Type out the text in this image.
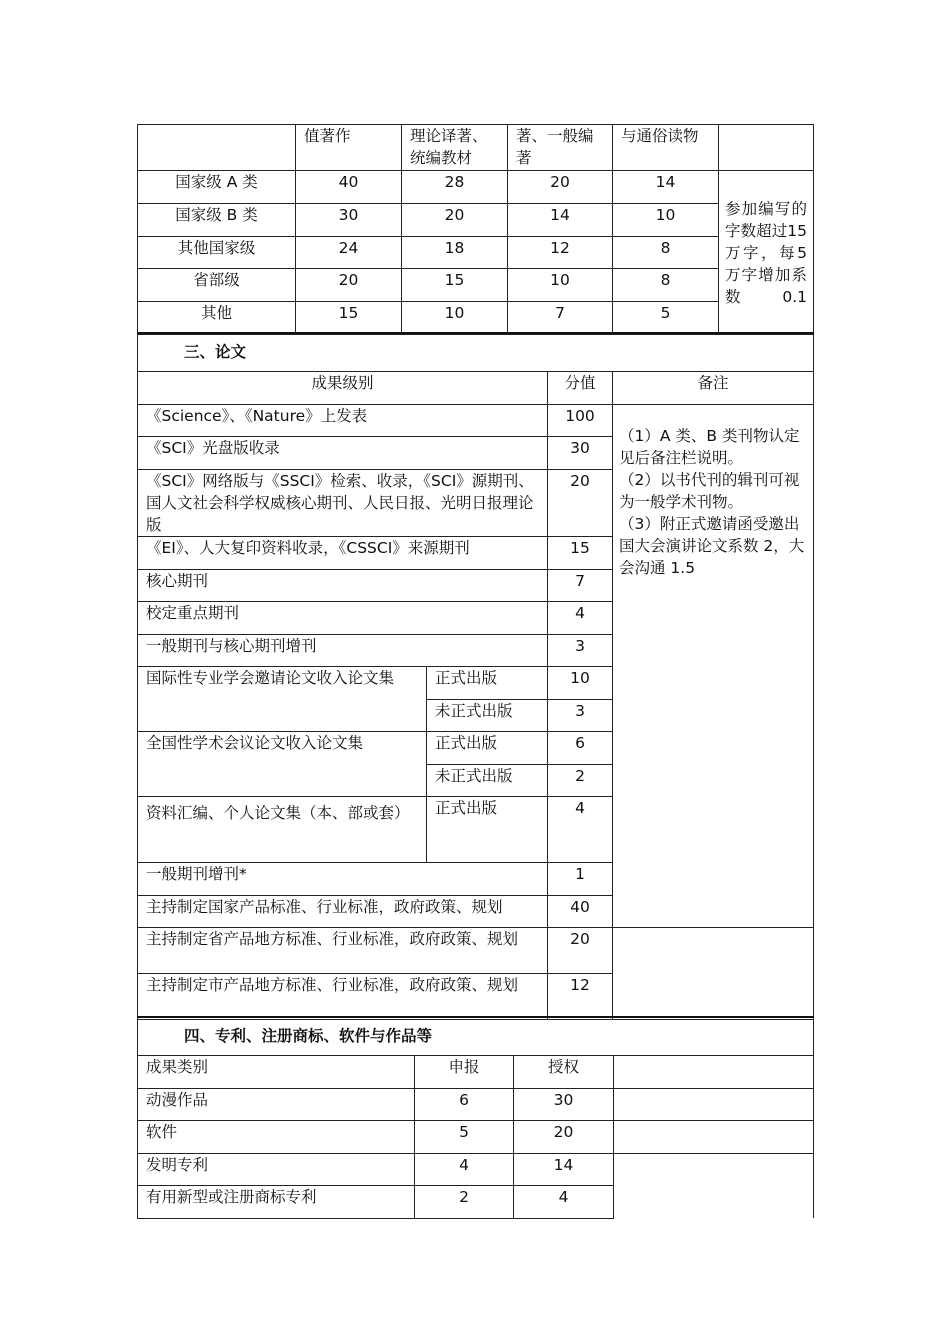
	值著作	理论译著、统编教材	著、一般编著	与通俗读物	
国家级 A 类	40	28	20	14	参加编写的字数超过15万字，每5万字增加系数0.1
国家级 B 类	30	20	14	10	
其他国家级	24	18	12	8	
省部级	20	15	10	8	
其他	15	10	7	5	
三、论文			
成果级别		分值	备注
《Science》、《Nature》上发表		100	（1）A 类、B 类刊物认定见后备注栏说明。
（2）以书代刊的辑刊可视为一般学术刊物。
（3）附正式邀请函受邀出国大会演讲论文系数 2，大会沟通 1.5

《SCI》光盘版收录		30	
《SCI》网络版与《SSCI》检索、收录，《SCI》源期刊、国人文社会科学权威核心期刊、人民日报、光明日报理论版		20	
《EI》、人大复印资料收录，《CSSCI》来源期刊		15	
核心期刊		7	
校定重点期刊		4	
一般期刊与核心期刊增刊		3	
国际性专业学会邀请论文收入论文集	正式出版	10	
	未正式出版	3	
全国性学术会议论文收入论文集	正式出版	6	
	未正式出版	2	
资料汇编、个人论文集（本、部或套）	正式出版	4	
一般期刊增刊*		1	
主持制定国家产品标准、行业标准，政府政策、规划		40	
主持制定省产品地方标准、行业标准，政府政策、规划		20	
主持制定市产品地方标准、行业标准，政府政策、规划		12	
四、专利、注册商标、软件与作品等			
成果类别	申报	授权	
动漫作品	6	30	
软件	5	20	
发明专利	4	14	
有用新型或注册商标专利	2	4	
